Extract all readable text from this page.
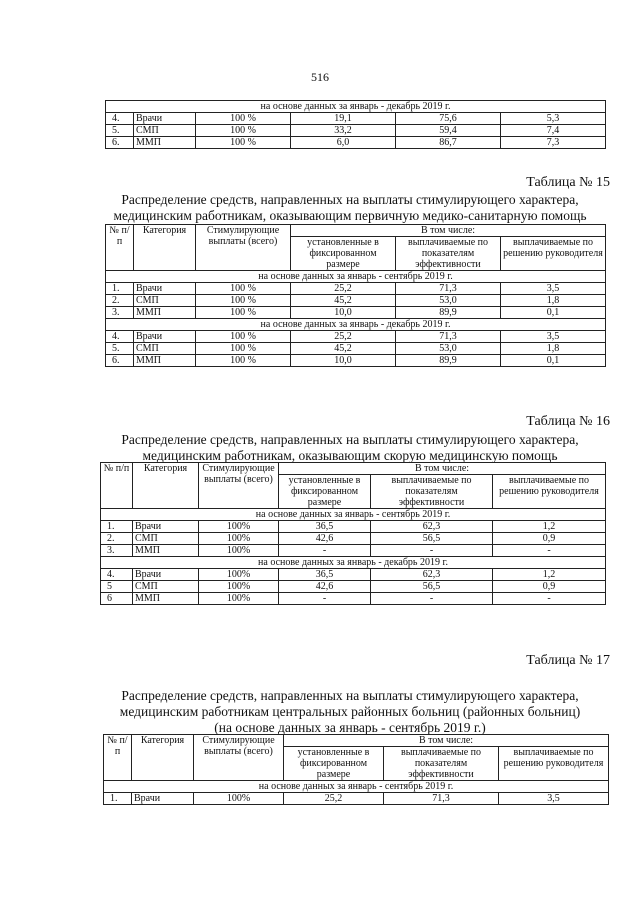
516
на основе данных за январь - декабрь 2019 г.					
4.	Врачи	100 %	19,1	75,6	5,3
5.	СМП	100 %	33,2	59,4	7,4
6.	ММП	100 %	6,0	86,7	7,3
Таблица № 15
Распределение средств, направленных на выплаты стимулирующего характера,
медицинским работникам, оказывающим первичную медико-санитарную помощь
№ п/п	Категория	Стимулирующие выплаты (всего)	В том числе:		
			установленные в фиксированном размере	выплачиваемые по показателям эффективности	выплачиваемые по решению руководителя
на основе данных за январь - сентябрь 2019 г.					
1.	Врачи	100 %	25,2	71,3	3,5
2.	СМП	100 %	45,2	53,0	1,8
3.	ММП	100 %	10,0	89,9	0,1
на основе данных за январь - декабрь 2019 г.					
4.	Врачи	100 %	25,2	71,3	3,5
5.	СМП	100 %	45,2	53,0	1,8
6.	ММП	100 %	10,0	89,9	0,1
Таблица № 16
Распределение средств, направленных на выплаты стимулирующего характера,
медицинским работникам, оказывающим скорую медицинскую помощь
№ п/п	Категория	Стимулирующие выплаты (всего)	В том числе:		
			установленные в фиксированном размере	выплачиваемые по показателям эффективности	выплачиваемые по решению руководителя
на основе данных за январь - сентябрь 2019 г.					
1.	Врачи	100%	36,5	62,3	1,2
2.	СМП	100%	42,6	56,5	0,9
3.	ММП	100%	-	-	-
на основе данных за январь - декабрь 2019 г.					
4.	Врачи	100%	36,5	62,3	1,2
5	СМП	100%	42,6	56,5	0,9
6	ММП	100%	-	-	-
Таблица № 17
Распределение средств, направленных на выплаты стимулирующего характера,
медицинским работникам центральных районных больниц (районных больниц)
(на основе данных за январь - сентябрь 2019 г.)
№ п/п	Категория	Стимулирующие выплаты (всего)	В том числе:		
			установленные в фиксированном размере	выплачиваемые по показателям эффективности	выплачиваемые по решению руководителя
на основе данных за январь - сентябрь 2019 г.					
1.	Врачи	100%	25,2	71,3	3,5
